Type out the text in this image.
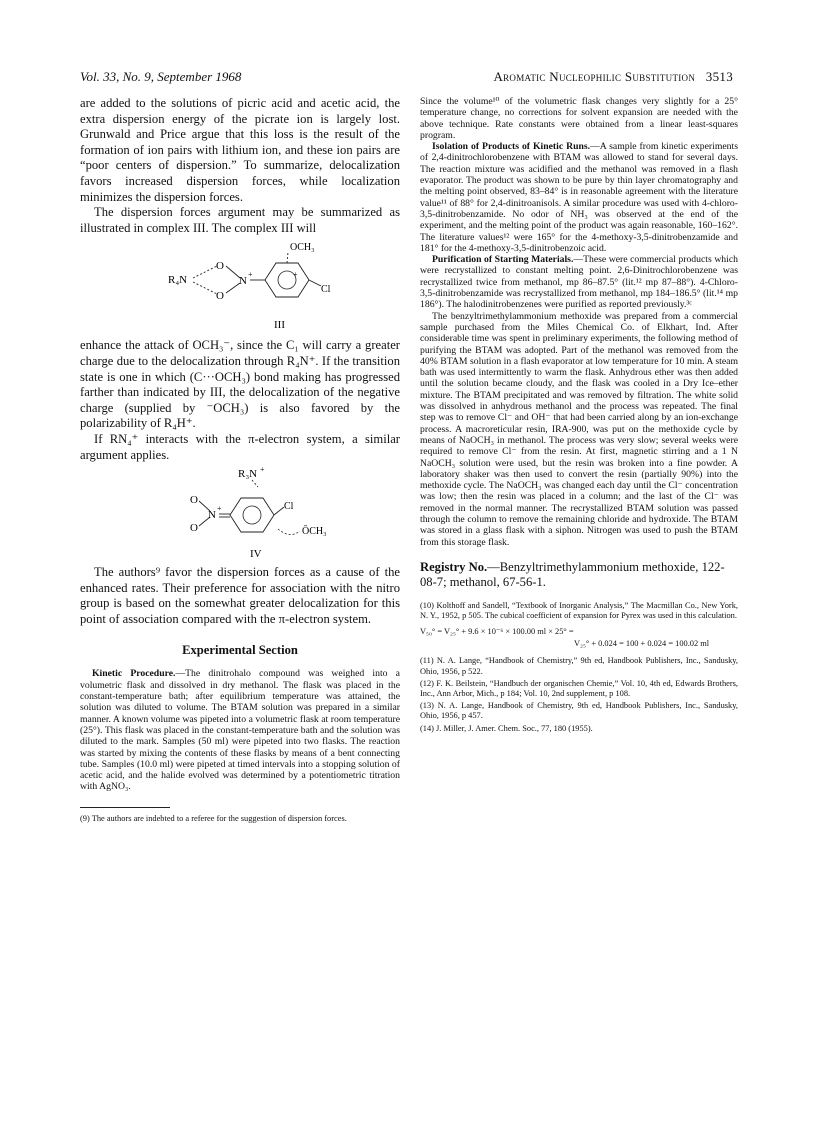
Vol. 33, No. 9, September 1968	Aromatic Nucleophilic Substitution 3513

are added to the solutions of picric acid and acetic acid, the extra dispersion energy of the picrate ion is largely lost. Grunwald and Price argue that this loss is the result of the formation of ion pairs with lithium ion, and these ion pairs are “poor centers of dispersion.” To summarize, delocalization favors increased dispersion forces, while localization minimizes the dispersion forces.

The dispersion forces argument may be summarized as illustrated in complex III. The complex III will

R₄N
O
O
N
+	+
OCH₃
Cl
III

enhance the attack of OCH₃⁻, since the C₁ will carry a greater charge due to the delocalization through R₄N⁺. If the transition state is one in which (C···OCH₃) bond making has progressed farther than indicated by III, the delocalization of the negative charge (supplied by ⁻OCH₃) is also favored by the polarizability of R₄H⁺.

If RN₄⁺ interacts with the π-electron system, a similar argument applies.

R₃N +
O
O
N
+	Cl
ŌCH₃
IV

The authors⁹ favor the dispersion forces as a cause of the enhanced rates. Their preference for association with the nitro group is based on the somewhat greater delocalization for this point of association compared with the π-electron system.

Experimental Section

Kinetic Procedure.—The dinitrohalo compound was weighed into a volumetric flask and dissolved in dry methanol. The flask was placed in the constant-temperature bath; after equilibrium temperature was attained, the solution was diluted to volume. The BTAM solution was prepared in a similar manner. A known volume was pipeted into a volumetric flask at room temperature (25°). This flask was placed in the constant-temperature bath and the solution was diluted to the mark. Samples (50 ml) were pipeted into two flasks. The reaction was started by mixing the contents of these flasks by means of a bent connecting tube. Samples (10.0 ml) were pipeted at timed intervals into a stopping solution of acetic acid, and the halide evolved was determined by a potentiometric titration with AgNO₃.

(9) The authors are indebted to a referee for the suggestion of dispersion forces.

Since the volume¹⁰ of the volumetric flask changes very slightly for a 25° temperature change, no corrections for solvent expansion are needed with the above technique. Rate constants were obtained from a linear least-squares program.

Isolation of Products of Kinetic Runs.—A sample from kinetic experiments of 2,4-dinitrochlorobenzene with BTAM was allowed to stand for several days. The reaction mixture was acidified and the methanol was removed in a flash evaporator. The product was shown to be pure by thin layer chromatography and the melting point observed, 83–84° is in reasonable agreement with the literature value¹¹ of 88° for 2,4-dinitroanisols. A similar procedure was used with 4-chloro-3,5-dinitrobenzamide. No odor of NH₃ was observed at the end of the experiment, and the melting point of the product was again reasonable, 160–162°. The literature values¹² were 165° for the 4-methoxy-3,5-dinitrobenzamide and 181° for the 4-methoxy-3,5-dinitrobenzoic acid.

Purification of Starting Materials.—These were commercial products which were recrystallized to constant melting point. 2,6-Dinitrochlorobenzene was recrystallized twice from methanol, mp 86–87.5° (lit.¹² mp 87–88°). 4-Chloro-3,5-dinitrobenzamide was recrystallized from methanol, mp 184–186.5° (lit.¹⁴ mp 186°). The halodinitrobenzenes were purified as reported previously.³ᶜ

The benzyltrimethylammonium methoxide was prepared from a commercial sample purchased from the Miles Chemical Co. of Elkhart, Ind. After considerable time was spent in preliminary experiments, the following method of purifying the BTAM was adopted. Part of the methanol was removed from the 40% BTAM solution in a flash evaporator at low temperature for 10 min. A steam bath was used intermittently to warm the flask. Anhydrous ether was then added until the solution became cloudy, and the flask was cooled in a Dry Ice–ether mixture. The BTAM precipitated and was removed by filtration. The white solid was dissolved in anhydrous methanol and the process was repeated. The final step was to remove Cl⁻ and OH⁻ that had been carried along by an ion-exchange process. A macroreticular resin, IRA-900, was put on the methoxide cycle by means of NaOCH₃ in methanol. The process was very slow; several weeks were required to remove Cl⁻ from the resin. At first, magnetic stirring and a 1 N NaOCH₃ solution were used, but the resin was broken into a fine powder. A laboratory shaker was then used to convert the resin (partially 90%) into the methoxide cycle. The NaOCH₃ was changed each day until the Cl⁻ concentration was low; then the resin was placed in a column; and the last of the Cl⁻ was removed in the normal manner. The recrystallized BTAM solution was passed through the column to remove the remaining chloride and hydroxide. The BTAM was stored in a glass flask with a siphon. Nitrogen was used to push the BTAM from this storage flask.

Registry No.—Benzyltrimethylammonium methoxide, 122-08-7; methanol, 67-56-1.

(10) Kolthoff and Sandell, “Textbook of Inorganic Analysis,” The Macmillan Co., New York, N. Y., 1952, p 505. The cubical coefficient of expansion for Pyrex was used in this calculation.

V₅₀° = V₂₅° + 9.6 × 10⁻⁶ × 100.00 ml × 25° =
V₂₅° + 0.024 = 100 + 0.024 = 100.02 ml

(11) N. A. Lange, “Handbook of Chemistry,” 9th ed, Handbook Publishers, Inc., Sandusky, Ohio, 1956, p 522.

(12) F. K. Beilstein, “Handbuch der organischen Chemie,” Vol. 10, 4th ed, Edwards Brothers, Inc., Ann Arbor, Mich., p 184; Vol. 10, 2nd supplement, p 108.

(13) N. A. Lange, Handbook of Chemistry, 9th ed, Handbook Publishers, Inc., Sandusky, Ohio, 1956, p 457.

(14) J. Miller, J. Amer. Chem. Soc., 77, 180 (1955).
